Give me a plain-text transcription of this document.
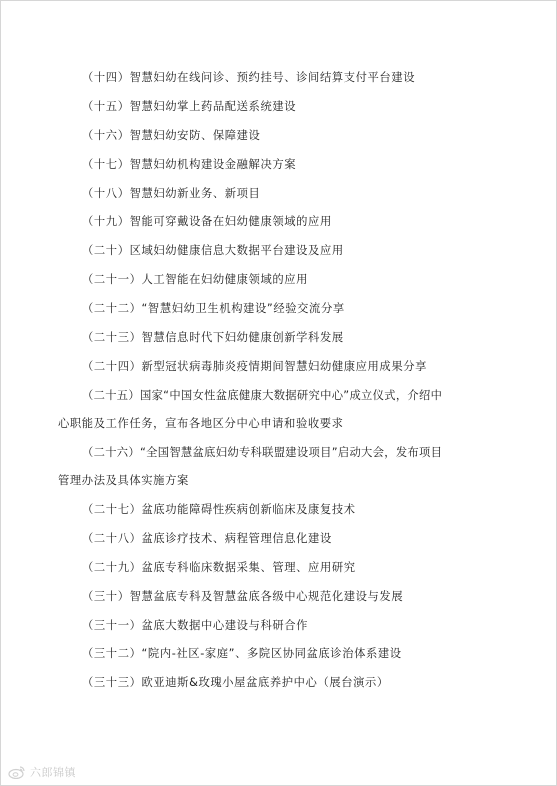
（十四）智慧妇幼在线问诊、预约挂号、诊间结算支付平台建设
（十五）智慧妇幼掌上药品配送系统建设
（十六）智慧妇幼安防、保障建设
（十七）智慧妇幼机构建设金融解决方案
（十八）智慧妇幼新业务、新项目
（十九）智能可穿戴设备在妇幼健康领域的应用
（二十）区域妇幼健康信息大数据平台建设及应用
（二十一）人工智能在妇幼健康领域的应用
（二十二）“智慧妇幼卫生机构建设”经验交流分享
（二十三）智慧信息时代下妇幼健康创新学科发展
（二十四）新型冠状病毒肺炎疫情期间智慧妇幼健康应用成果分享
（二十五）国家“中国女性盆底健康大数据研究中心”成立仪式，介绍中
心职能及工作任务，宣布各地区分中心申请和验收要求
（二十六）“全国智慧盆底妇幼专科联盟建设项目”启动大会，发布项目
管理办法及具体实施方案
（二十七）盆底功能障碍性疾病创新临床及康复技术
（二十八）盆底诊疗技术、病程管理信息化建设
（二十九）盆底专科临床数据采集、管理、应用研究
（三十）智慧盆底专科及智慧盆底各级中心规范化建设与发展
（三十一）盆底大数据中心建设与科研合作
（三十二）“院内-社区-家庭”、多院区协同盆底诊治体系建设
（三十三）欧亚迪斯&玫瑰小屋盆底养护中心（展台演示）
六郎锦镇
